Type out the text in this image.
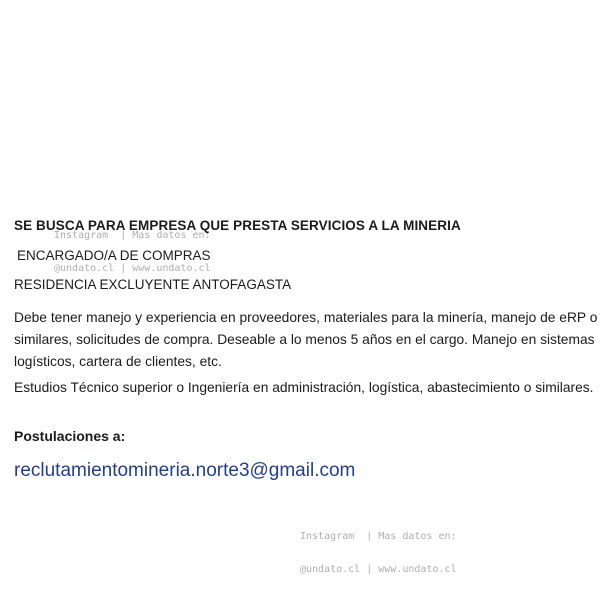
Instagram  | Mas datos en:

@undato.cl | www.undato.cl

SE BUSCA PARA EMPRESA QUE PRESTA SERVICIOS A LA MINERIA
ENCARGADO/A DE COMPRAS
RESIDENCIA EXCLUYENTE ANTOFAGASTA
Debe tener manejo y experiencia en proveedores, materiales para la minería, manejo de eRP o similares, solicitudes de compra. Deseable a lo menos 5 años en el cargo. Manejo en sistemas logísticos, cartera de clientes, etc.
Estudios Técnico superior o Ingeniería en administración, logística, abastecimiento o similares.
Postulaciones a:
reclutamientomineria.norte3@gmail.com

Instagram  | Mas datos en:

@undato.cl | www.undato.cl
